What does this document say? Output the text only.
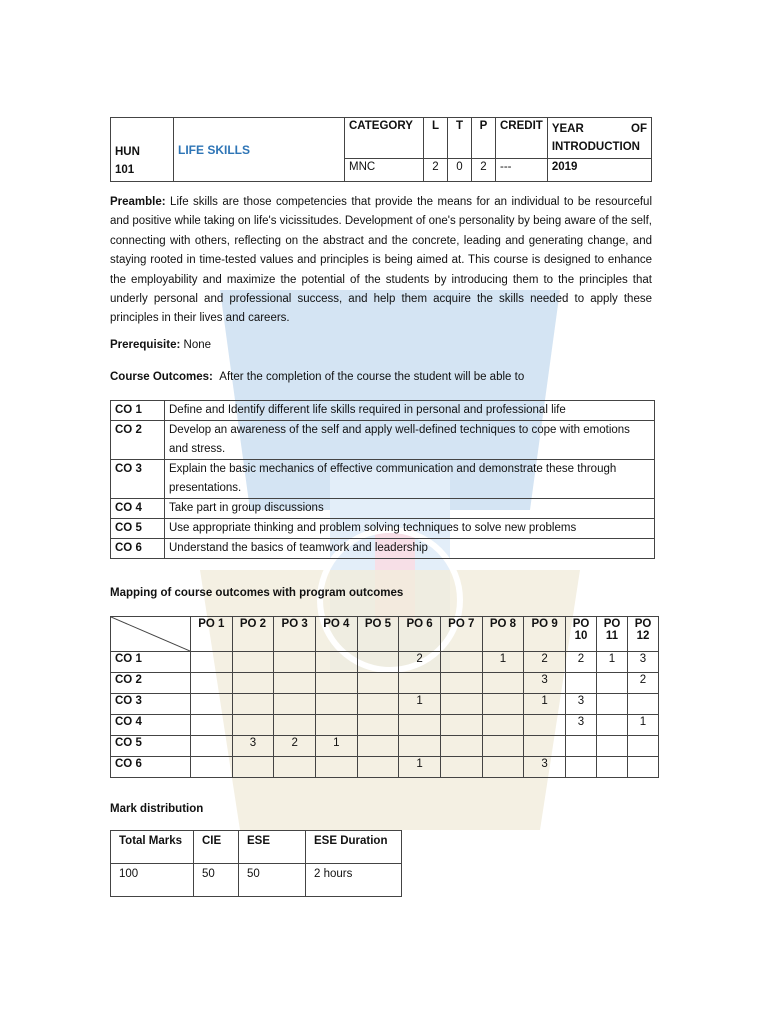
HUN
101	LIFE SKILLS	CATEGORY	L	T	P	CREDIT	YEAR OF
INTRODUCTION
		MNC	2	0	2	---	2019
Preamble: Life skills are those competencies that provide the means for an individual to be resourceful and positive while taking on life's vicissitudes. Development of one's personality by being aware of the self, connecting with others, reflecting on the abstract and the concrete, leading and generating change, and staying rooted in time-tested values and principles is being aimed at. This course is designed to enhance the employability and maximize the potential of the students by introducing them to the principles that underly personal and professional success, and help them acquire the skills needed to apply these principles in their lives and careers.
Prerequisite: None
Course Outcomes: After the completion of the course the student will be able to
CO 1	Define and Identify different life skills required in personal and professional life
CO 2	Develop an awareness of the self and apply well-defined techniques to cope with emotions and stress.
CO 3	Explain the basic mechanics of effective communication and demonstrate these through presentations.
CO 4	Take part in group discussions
CO 5	Use appropriate thinking and problem solving techniques to solve new problems
CO 6	Understand the basics of teamwork and leadership
Mapping of course outcomes with program outcomes
	PO 1	PO 2	PO 3	PO 4	PO 5	PO 6	PO 7	PO 8	PO 9	PO 10	PO 11	PO 12
CO 1						2		1	2	2	1	3
CO 2									3			2
CO 3						1			1	3		
CO 4										3		1
CO 5		3	2	1								
CO 6						1			3			
Mark distribution
Total Marks	CIE	ESE	ESE Duration
100	50	50	2 hours
